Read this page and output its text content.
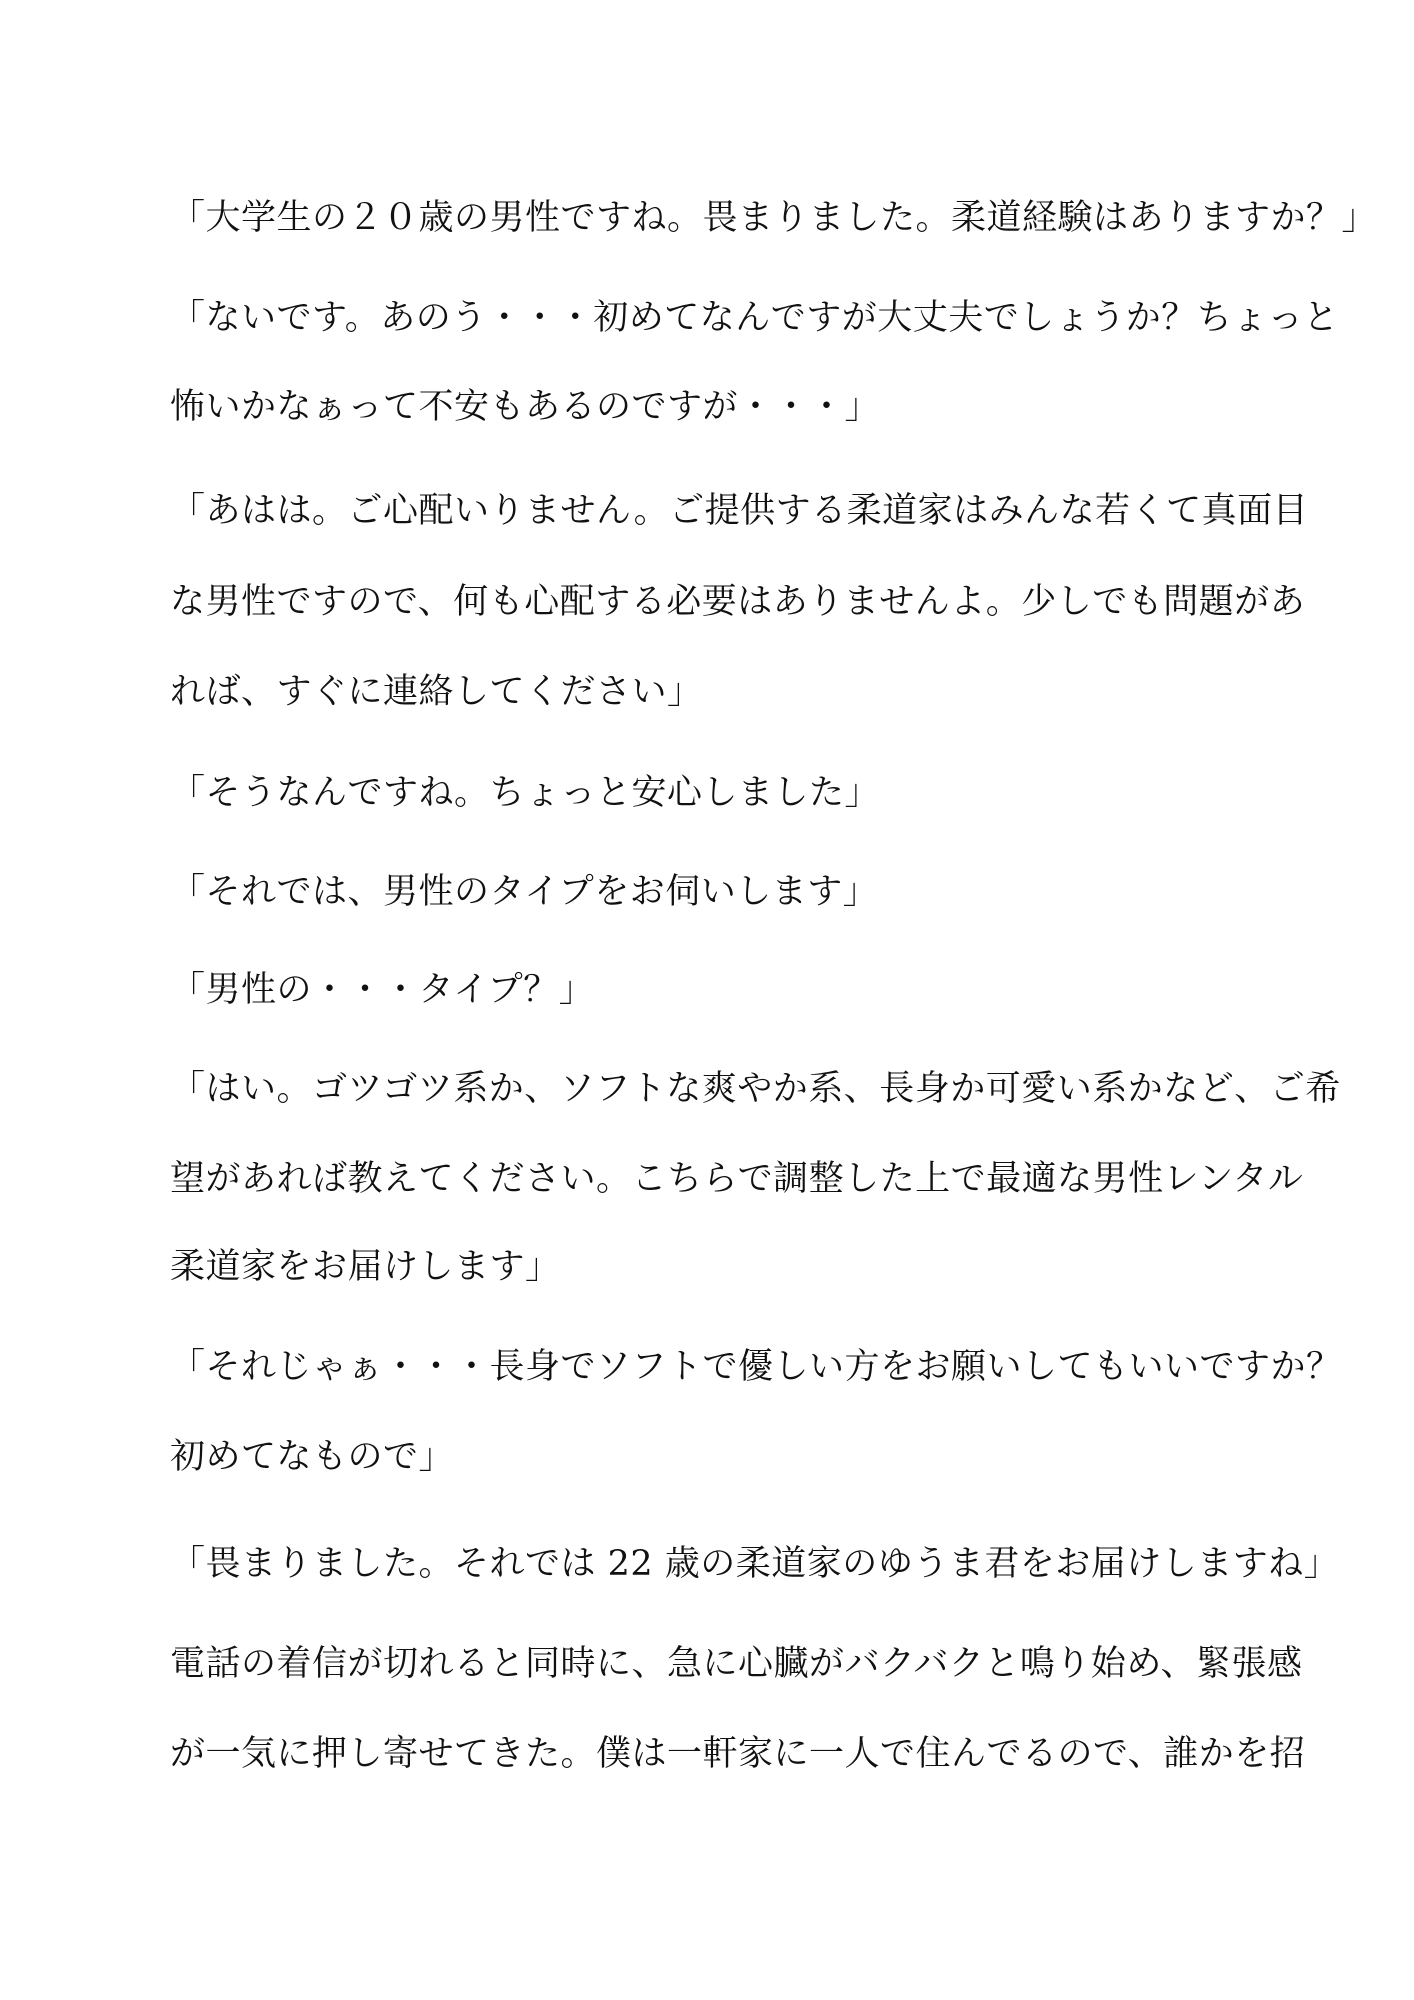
「大学生の２０歳の男性ですね。畏まりました。柔道経験はありますか？」
「ないです。あのう・・・初めてなんですが大丈夫でしょうか？ちょっと
怖いかなぁって不安もあるのですが・・・」
「あはは。ご心配いりません。ご提供する柔道家はみんな若くて真面目
な男性ですので、何も心配する必要はありませんよ。少しでも問題があ
れば、すぐに連絡してください」
「そうなんですね。ちょっと安心しました」
「それでは、男性のタイプをお伺いします」
「男性の・・・タイプ？」
「はい。ゴツゴツ系か、ソフトな爽やか系、長身か可愛い系かなど、ご希
望があれば教えてください。こちらで調整した上で最適な男性レンタル
柔道家をお届けします」
「それじゃぁ・・・長身でソフトで優しい方をお願いしてもいいですか？
初めてなもので」
「畏まりました。それでは 22 歳の柔道家のゆうま君をお届けしますね」
電話の着信が切れると同時に、急に心臓がバクバクと鳴り始め、緊張感
が一気に押し寄せてきた。僕は一軒家に一人で住んでるので、誰かを招
